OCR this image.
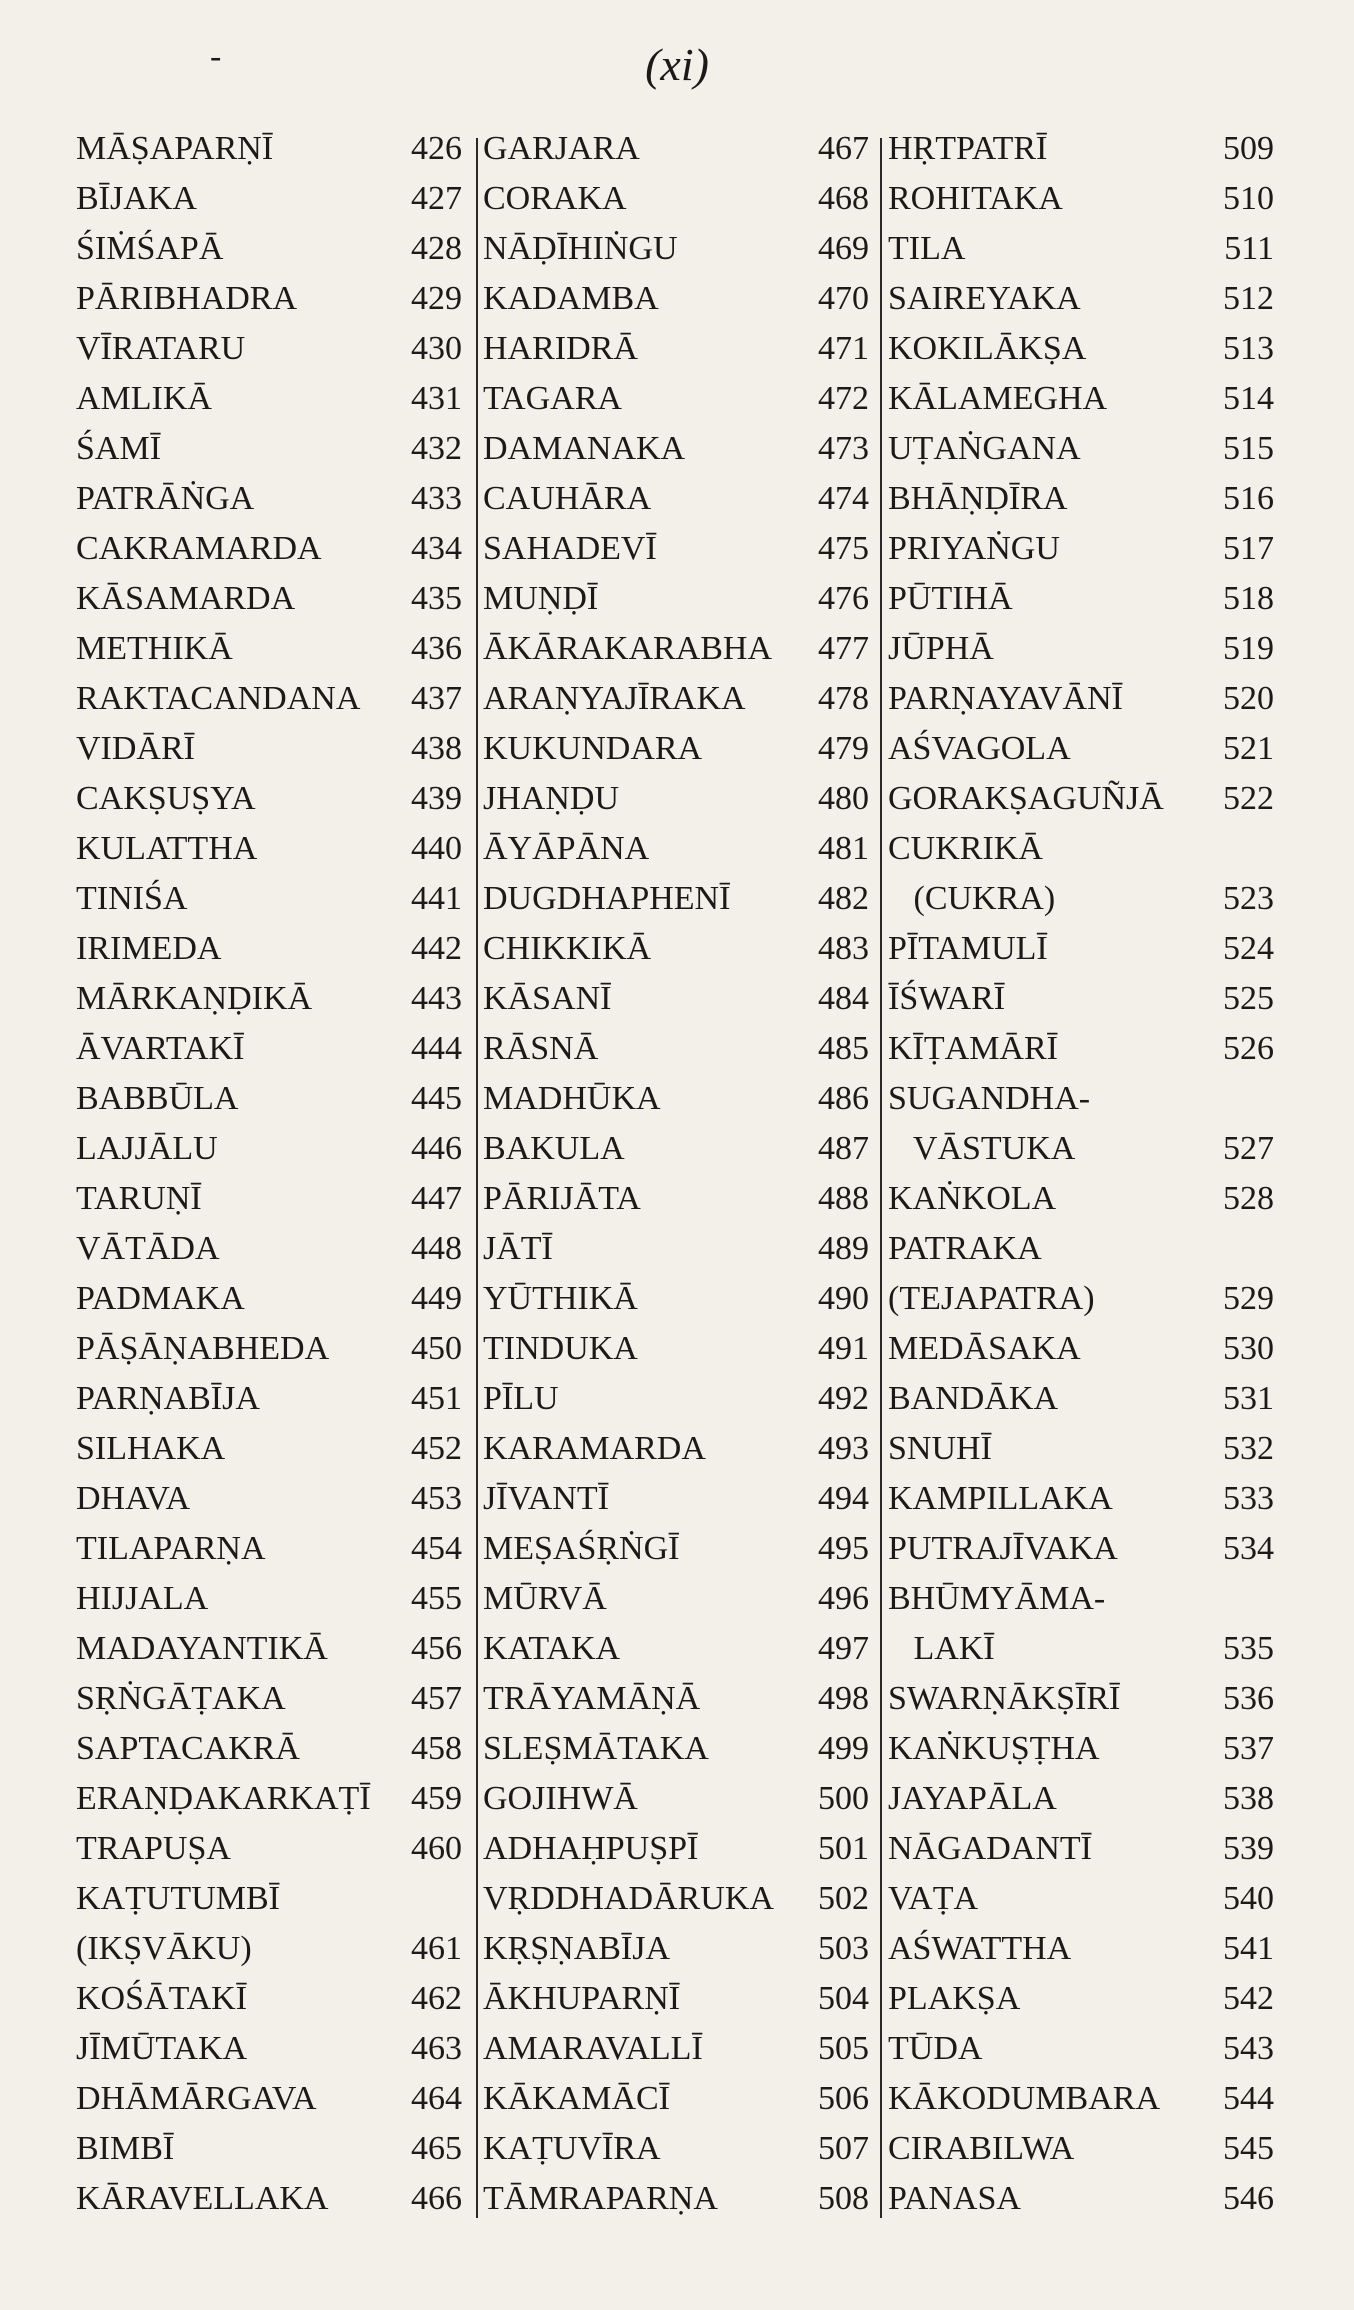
-	(xi)
MĀṢAPARṆĪ	426
BĪJAKA	427
ŚIṀŚAPĀ	428
PĀRIBHADRA	429
VĪRATARU	430
AMLIKĀ	431
ŚAMĪ	432
PATRĀṄGA	433
CAKRAMARDA	434
KĀSAMARDA	435
METHIKĀ	436
RAKTACANDANA 437
VIDĀRĪ	438
CAKṢUṢYA	439
KULATTHA	440
TINIŚA	441
IRIMEDA	442
MĀRKAṆḌIKĀ	443
ĀVARTAKĪ	444
BABBŪLA	445
LAJJĀLU	446
TARUṆĪ	447
VĀTĀDA	448
PADMAKA	449
PĀṢĀṆABHEDA 450
PARṆABĪJA	451
SILHAKA	452
DHAVA	453
TILAPARṆA	454
HIJJALA	455
MADAYANTIKĀ 456
SṚṄGĀṬAKA	457
SAPTACAKRĀ	458
ERAṆḌAKARKAṬĪ 459
TRAPUṢA	460
KAṬUTUMBĪ
(IKṢVĀKU)	461
KOŚĀTAKĪ	462
JĪMŪTAKA	463
DHĀMĀRGAVA	464
BIMBĪ	465
KĀRAVELLAKA 466
GARJARA	467
CORAKA	468
NĀḌĪHIṄGU	469
KADAMBA	470
HARIDRĀ	471
TAGARA	472
DAMANAKA	473
CAUHĀRA	474
SAHADEVĪ	475
MUṆḌĪ	476
ĀKĀRAKARABHA 477
ARAṆYAJĪRAKA 478
KUKUNDARA	479
JHAṆḌU	480
ĀYĀPĀNA	481
DUGDHAPHENĪ	482
CHIKKIKĀ	483
KĀSANĪ	484
RĀSNĀ	485
MADHŪKA	486
BAKULA	487
PĀRIJĀTA	488
JĀTĪ	489
YŪTHIKĀ	490
TINDUKA	491
PĪLU	492
KARAMARDA	493
JĪVANTĪ	494
MEṢAŚṚṄGĪ	495
MŪRVĀ	496
KATAKA	497
TRĀYAMĀṆĀ	498
SLEṢMĀTAKA	499
GOJIHWĀ	500
ADHAḤPUṢPĪ	501
VṚDDHADĀRUKA 502
KṚṢṆABĪJA	503
ĀKHUPARṆĪ	504
AMARAVALLĪ	505
KĀKAMĀCĪ	506
KAṬUVĪRA	507
TĀMRAPARṆA	508
HṚTPATRĪ	509
ROHITAKA	510
TILA	511
SAIREYAKA	512
KOKILĀKṢA	513
KĀLAMEGHA	514
UṬAṄGANA	515
BHĀṆḌĪRA	516
PRIYAṄGU	517
PŪTIHĀ	518
JŪPHĀ	519
PARṆAYAVĀNĪ	520
AŚVAGOLA	521
GORAKṢAGUÑJĀ 522
CUKRIKĀ
(CUKRA)	523
PĪTAMULĪ	524
ĪŚWARĪ	525
KĪṬAMĀRĪ	526
SUGANDHA-
VĀSTUKA	527
KAṄKOLA	528
PATRAKA
(TEJAPATRA)	529
MEDĀSAKA	530
BANDĀKA	531
SNUHĪ	532
KAMPILLAKA	533
PUTRAJĪVAKA	534
BHŪMYĀMA-
LAKĪ	535
SWARṆĀKṢĪRĪ	536
KAṄKUṢṬHA	537
JAYAPĀLA	538
NĀGADANTĪ	539
VAṬA	540
AŚWATTHA	541
PLAKṢA	542
TŪDA	543
KĀKODUMBARA 544
CIRABILWA	545
PANASA	546
